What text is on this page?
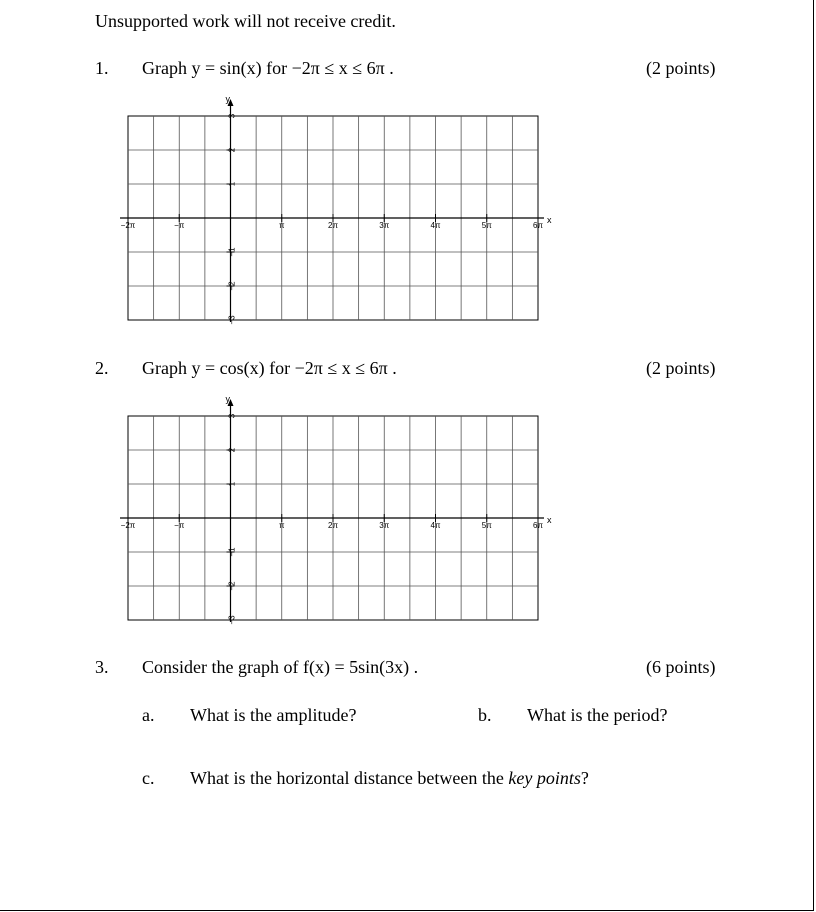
Unsupported work will not receive credit.
1. Graph y = sin(x) for −2π ≤ x ≤ 6π .	(2 points)
x
y
−2π	−π	π	2π	3π	4π	5π	6π
3
2
1
−1
−2
−3
2. Graph y = cos(x) for −2π ≤ x ≤ 6π .	(2 points)
x
y
−2π	−π	π	2π	3π	4π	5π	6π
3
2
1
−1
−2
−3
3. Consider the graph of f(x) = 5sin(3x) .	(6 points)
a. What is the amplitude?	b. What is the period?
c. What is the horizontal distance between the key points?
